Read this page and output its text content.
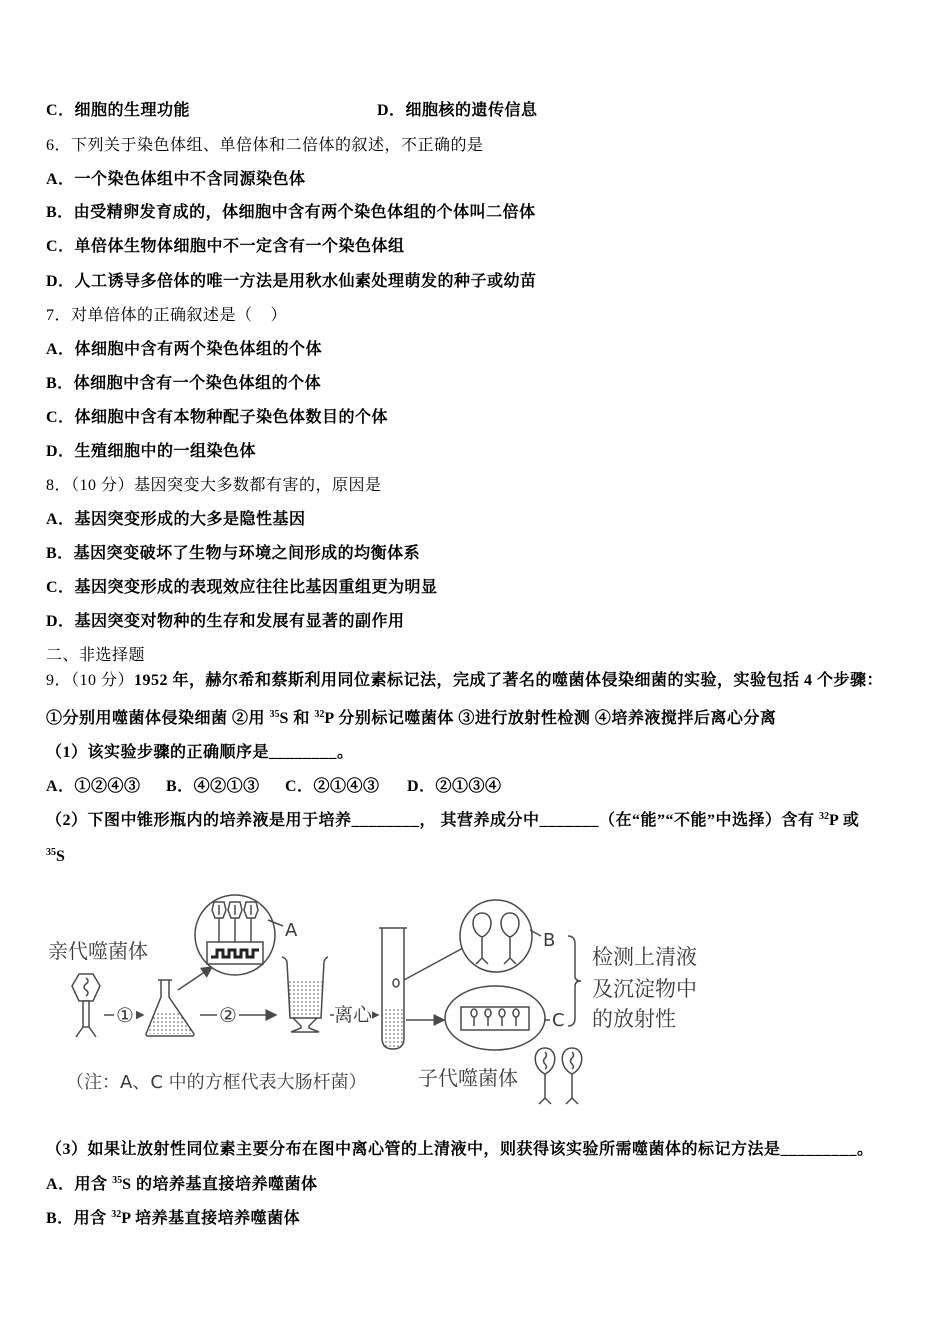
C．细胞的生理功能	D．细胞核的遗传信息
6．下列关于染色体组、单倍体和二倍体的叙述，不正确的是
A．一个染色体组中不含同源染色体
B．由受精卵发育成的，体细胞中含有两个染色体组的个体叫二倍体
C．单倍体生物体细胞中不一定含有一个染色体组
D．人工诱导多倍体的唯一方法是用秋水仙素处理萌发的种子或幼苗
7．对单倍体的正确叙述是（    ）
A．体细胞中含有两个染色体组的个体
B．体细胞中含有一个染色体组的个体
C．体细胞中含有本物种配子染色体数目的个体
D．生殖细胞中的一组染色体
8．（10 分）基因突变大多数都有害的，原因是
A．基因突变形成的大多是隐性基因
B．基因突变破坏了生物与环境之间形成的均衡体系
C．基因突变形成的表现效应往往比基因重组更为明显
D．基因突变对物种的生存和发展有显著的副作用
二、非选择题
9．（10 分）1952 年，赫尔希和蔡斯利用同位素标记法，完成了著名的噬菌体侵染细菌的实验，实验包括 4 个步骤：
①分别用噬菌体侵染细菌 ②用 $^{35}$S 和 $^{32}$P 分别标记噬菌体 ③进行放射性检测 ④培养液搅拌后离心分离
（1）该实验步骤的正确顺序是________。
A．①②④③ B．④②①③ C．②①④③ D．②①③④
（2）下图中锥形瓶内的培养液是用于培养________， 其营养成分中_______（在“能”“不能”中选择）含有 $^{32}$P 或
$^{35}$S
亲代噬菌体
①
A
②	离心
B
C
检测上清液
及沉淀物中
的放射性
子代噬菌体
（注：A、C 中的方框代表大肠杆菌）
（3）如果让放射性同位素主要分布在图中离心管的上清液中，则获得该实验所需噬菌体的标记方法是_________。
A．用含 $^{35}$S 的培养基直接培养噬菌体
B．用含 $^{32}$P 培养基直接培养噬菌体
